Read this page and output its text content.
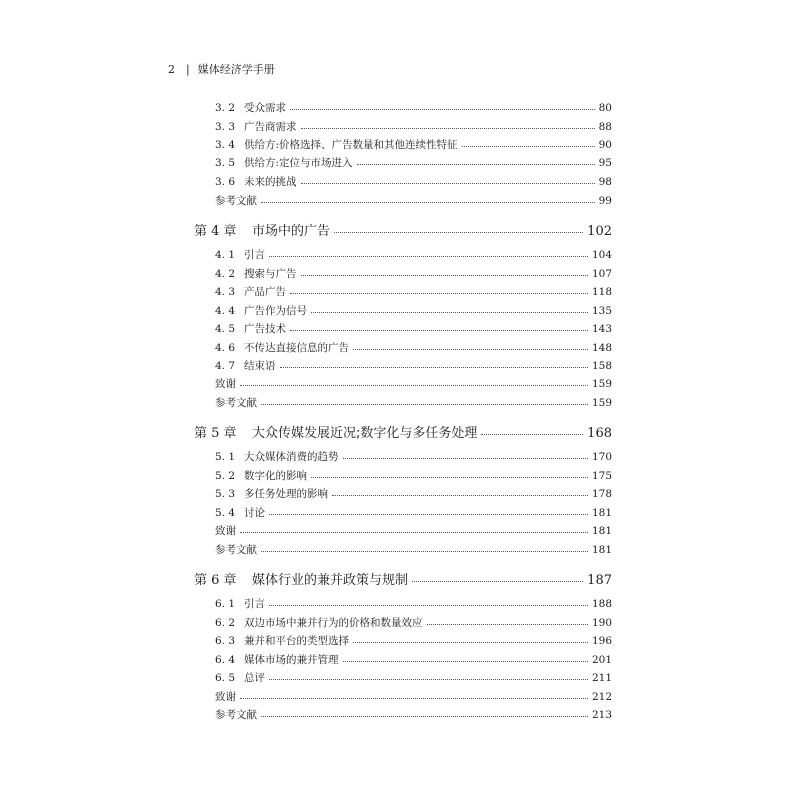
2	| 媒体经济学手册
3. 2 受众需求	80
3. 3 广告商需求	88
3. 4 供给方:价格选择、广告数量和其他连续性特征	90
3. 5 供给方:定位与市场进入	95
3. 6 未来的挑战	98
参考文献	99
第 4 章	市场中的广告	102
4. 1 引言	104
4. 2 搜索与广告	107
4. 3 产品广告	118
4. 4 广告作为信号	135
4. 5 广告技术	143
4. 6 不传达直接信息的广告	148
4. 7 结束语	158
致谢	159
参考文献	159
第 5 章	大众传媒发展近况;数字化与多任务处理	168
5. 1 大众媒体消费的趋势	170
5. 2 数字化的影响	175
5. 3 多任务处理的影响	178
5. 4 讨论	181
致谢	181
参考文献	181
第 6 章	媒体行业的兼并政策与规制	187
6. 1 引言	188
6. 2 双边市场中兼并行为的价格和数量效应	190
6. 3 兼并和平台的类型选择	196
6. 4 媒体市场的兼并管理	201
6. 5 总评	211
致谢	212
参考文献	213
